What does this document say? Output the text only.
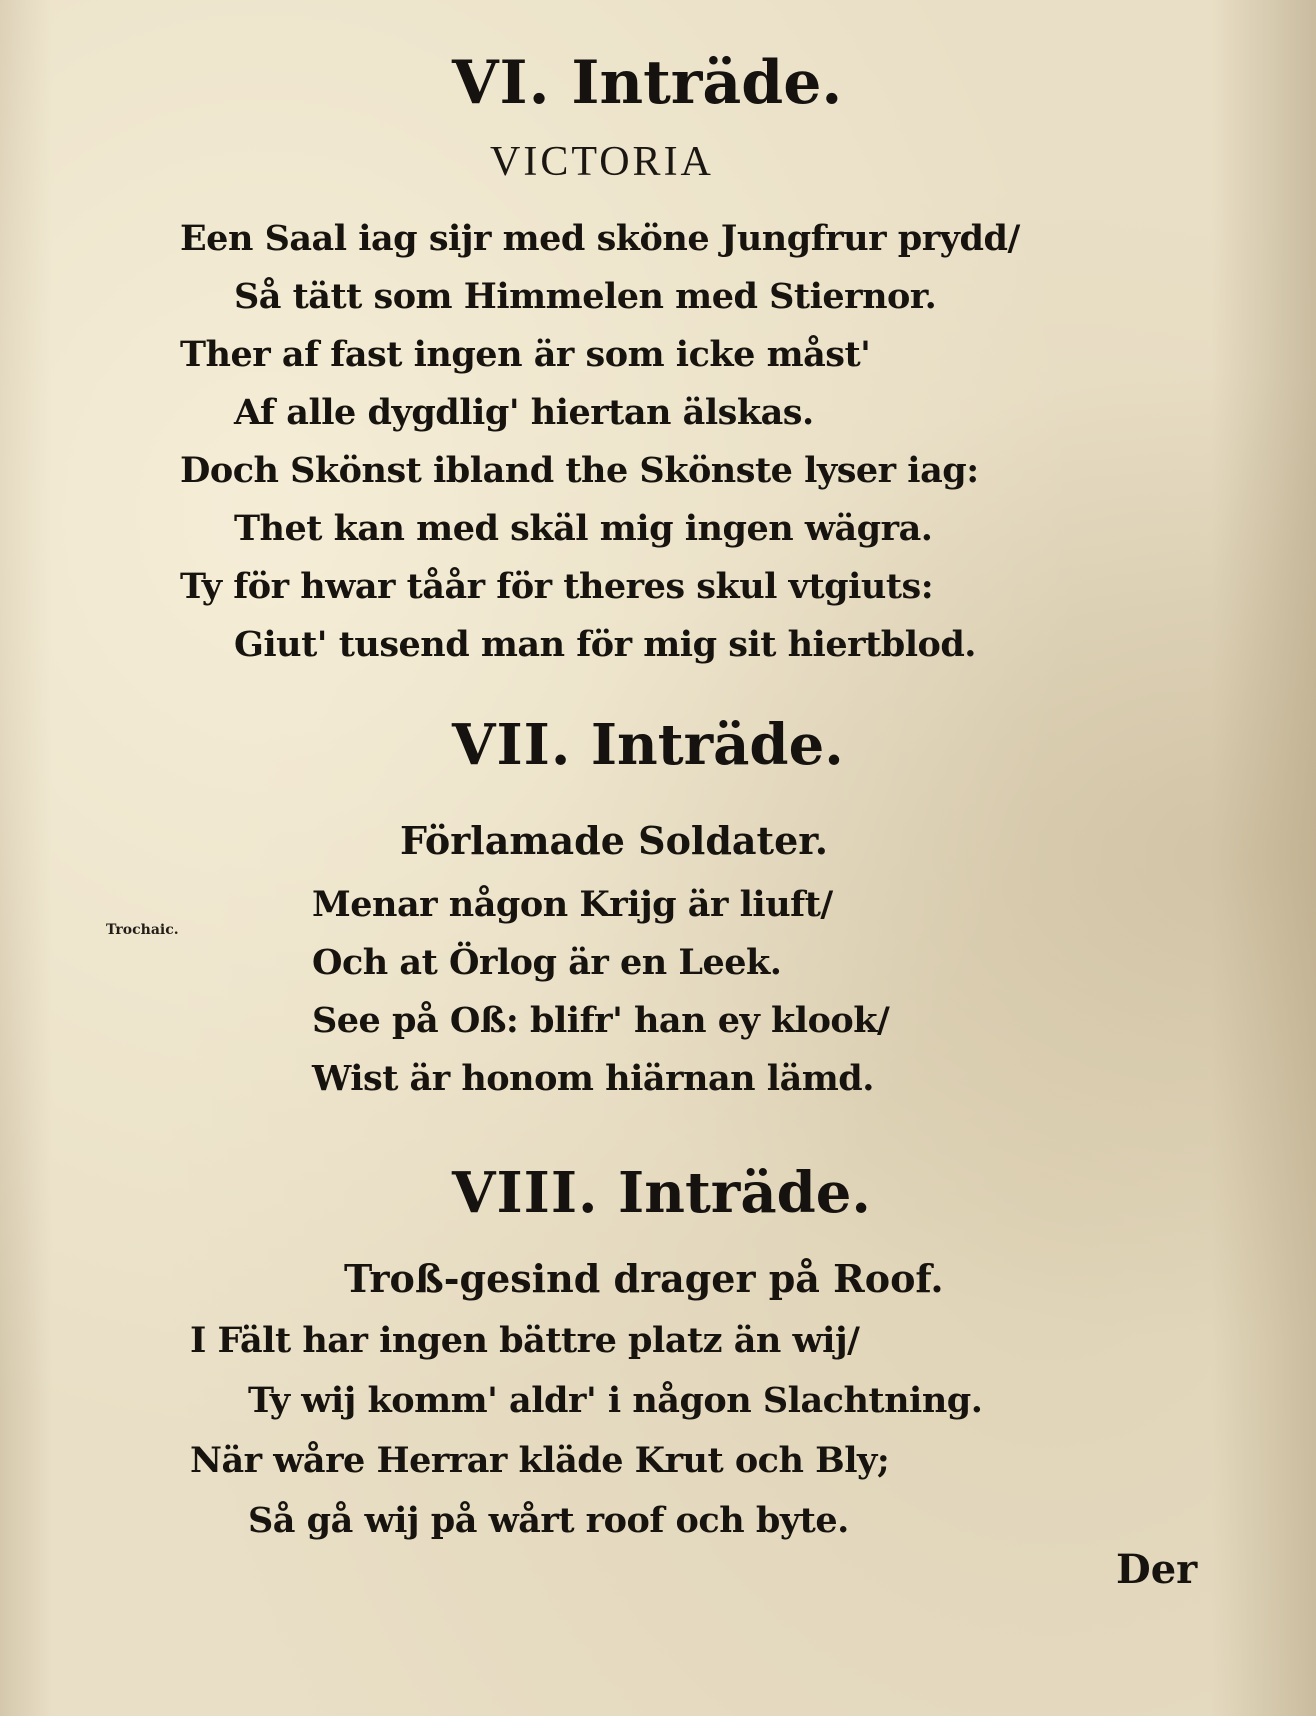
VI. Inträde.
VICTORIA
Een Saal iag sijr med sköne Jungfrur prydd/
Så tätt som Himmelen med Stiernor.
Ther af fast ingen är som icke måst'
Af alle dygdlig' hiertan älskas.
Doch Skönst ibland the Skönste lyser iag:
Thet kan med skäl mig ingen wägra.
Ty för hwar tåår för theres skul vtgiuts:
Giut' tusend man för mig sit hiertblod.
VII. Inträde.
Förlamade Soldater.
Trochaic.
Menar någon Krijg är liuft/
Och at Örlog är en Leek.
See på Oß: blifr' han ey klook/
Wist är honom hiärnan lämd.
VIII. Inträde.
Troß-gesind drager på Roof.
I Fält har ingen bättre platz än wij/
Ty wij komm' aldr' i någon Slachtning.
När wåre Herrar kläde Krut och Bly;
Så gå wij på wårt roof och byte.
Der
